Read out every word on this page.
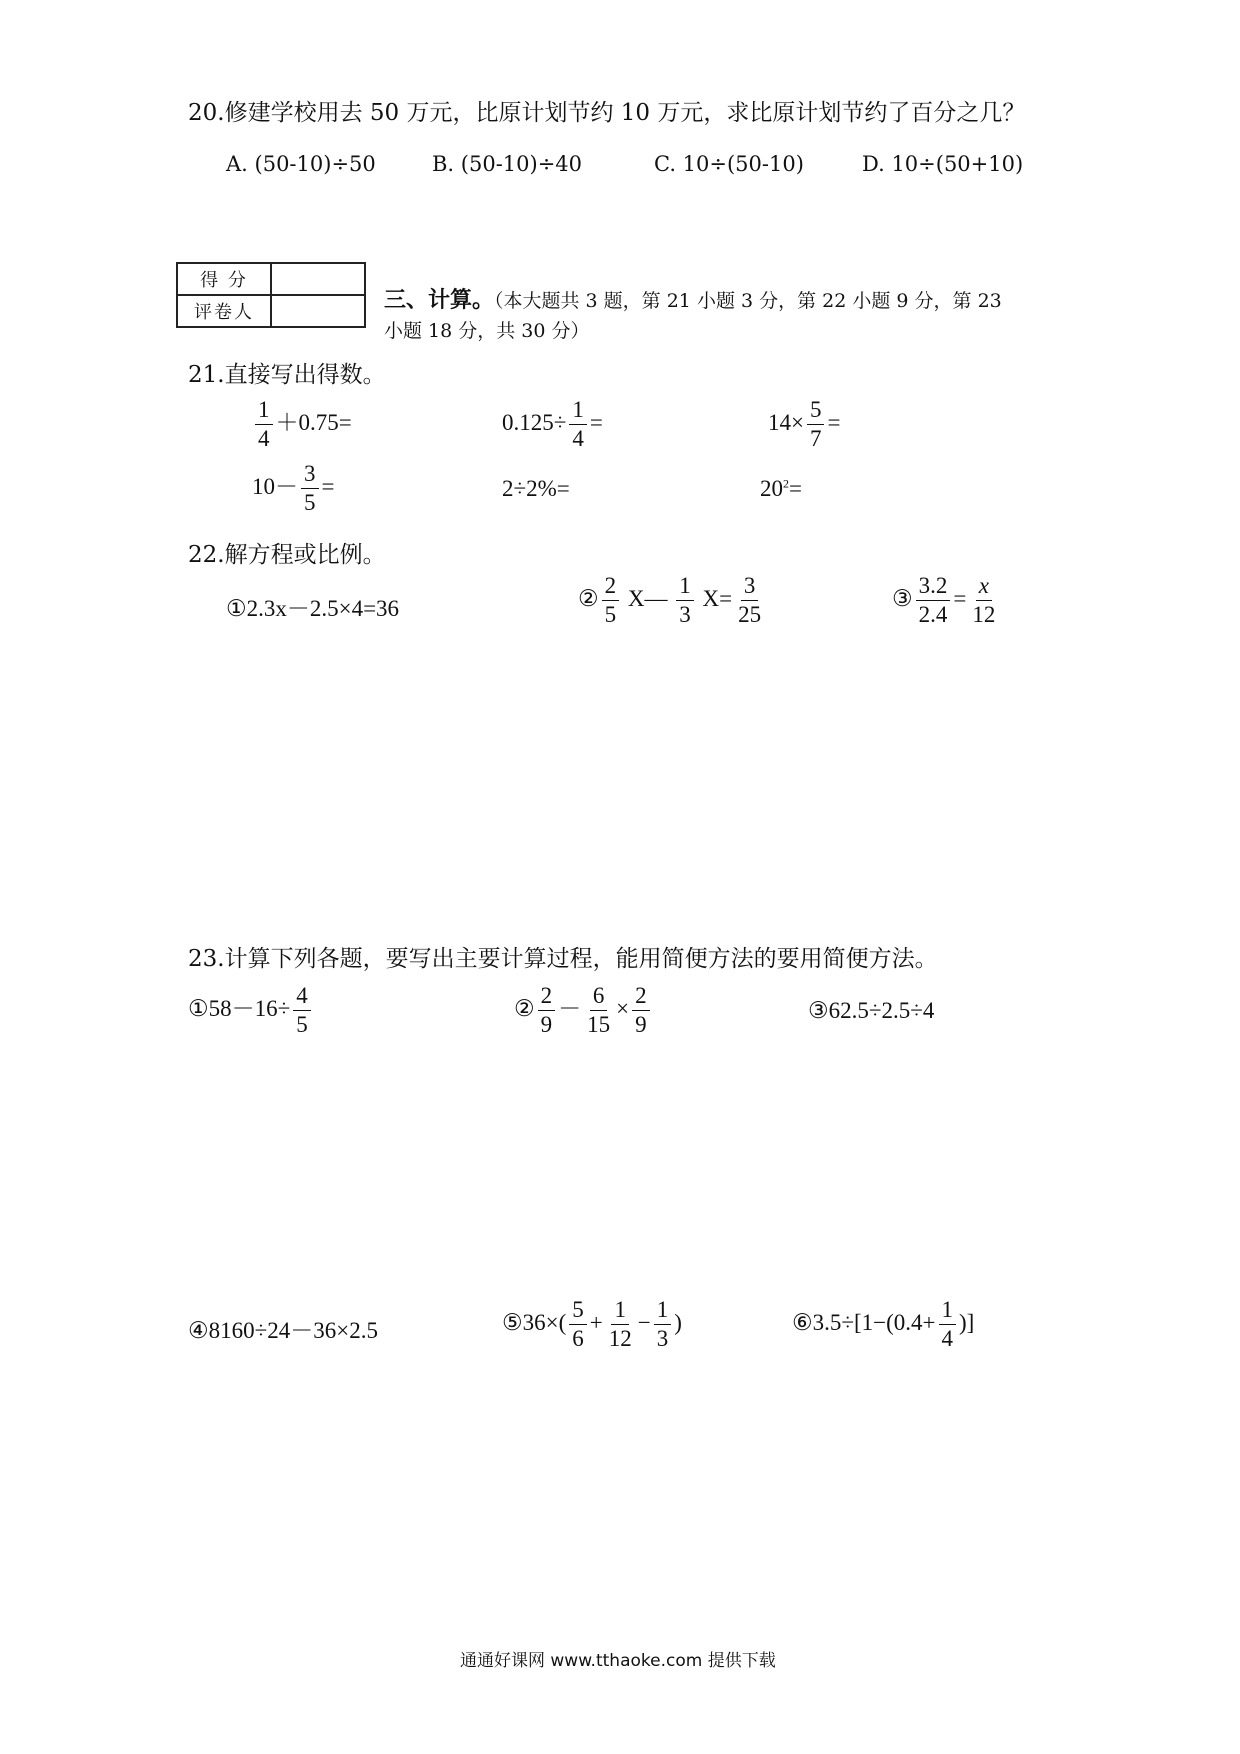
20.修建学校用去 50 万元，比原计划节约 10 万元，求比原计划节约了百分之几？
A. (50-10)÷50	B. (50-10)÷40	C. 10÷(50-10)	D. 10÷(50+10)
得 分	
评卷人		三、计算。（本大题共 3 题，第 21 小题 3 分，第 22 小题 9 分，第 23
小题 18 分，共 30 分）
21.直接写出得数。
$\frac{1}{4} +0.75=$	$0.125\div \frac{1}{4}$ =	$14\times \frac{5}{7}$ =
$10- \frac{3}{5}$ =	2÷2%=	$20^2=$
22.解方程或比例。
①2.3x－2.5×4=36	② $\frac{2}{5}$ X— $\frac{1}{3} X= \frac{3}{25}$	③ $\frac{3.2}{2.4} = \frac{x}{12}$
23.计算下列各题，要写出主要计算过程，能用简便方法的要用简便方法。
①58－16÷ $\frac{4}{5}$	② $\frac{2}{9} - \frac{6}{15} \times \frac{2}{9}$	③62.5÷2.5÷4
④8160÷24－36×2.5	⑤36×( $\frac{5}{6} + \frac{1}{12} - \frac{1}{3}$ )	⑥3.5÷[1−(0.4+ $\frac{1}{4}$ )]
通通好课网 www.tthaoke.com 提供下载
